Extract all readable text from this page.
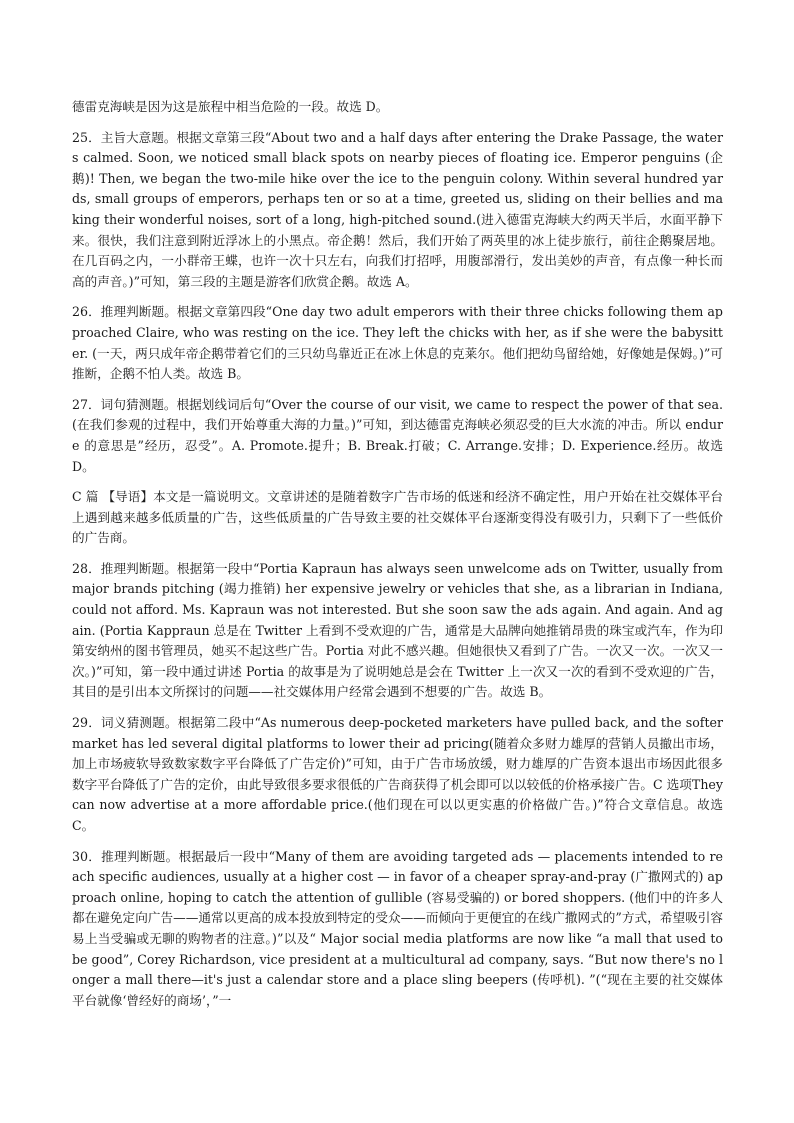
德雷克海峡是因为这是旅程中相当危险的一段。故选 D。

25．主旨大意题。根据文章第三段“About two and a half days after entering the Drake Passage, the waters calmed. Soon, we noticed small black spots on nearby pieces of floating ice. Emperor penguins (企鹅)! Then, we began the two-mile hike over the ice to the penguin colony. Within several hundred yards, small groups of emperors, perhaps ten or so at a time, greeted us, sliding on their bellies and making their wonderful noises, sort of a long, high-pitched sound.(进入德雷克海峡大约两天半后，水面平静下来。很快，我们注意到附近浮冰上的小黑点。帝企鹅！然后，我们开始了两英里的冰上徒步旅行，前往企鹅聚居地。在几百码之内，一小群帝王蝶，也许一次十只左右，向我们打招呼，用腹部滑行，发出美妙的声音，有点像一种长而高的声音。)”可知，第三段的主题是游客们欣赏企鹅。故选 A。

26．推理判断题。根据文章第四段“One day two adult emperors with their three chicks following them approached Claire, who was resting on the ice. They left the chicks with her, as if she were the babysitter. (一天，两只成年帝企鹅带着它们的三只幼鸟靠近正在冰上休息的克莱尔。他们把幼鸟留给她，好像她是保姆。)”可推断，企鹅不怕人类。故选 B。

27．词句猜测题。根据划线词后句“Over the course of our visit, we came to respect the power of that sea. (在我们参观的过程中，我们开始尊重大海的力量。)”可知，到达德雷克海峡必须忍受的巨大水流的冲击。所以 endure 的意思是”经历，忍受”。A. Promote.提升；B. Break.打破；C. Arrange.安排；D. Experience.经历。故选 D。

C 篇 【导语】本文是一篇说明文。文章讲述的是随着数字广告市场的低迷和经济不确定性，用户开始在社交媒体平台上遇到越来越多低质量的广告，这些低质量的广告导致主要的社交媒体平台逐渐变得没有吸引力，只剩下了一些低价的广告商。

28．推理判断题。根据第一段中“Portia Kapraun has always seen unwelcome ads on Twitter, usually from major brands pitching (竭力推销) her expensive jewelry or vehicles that she, as a librarian in Indiana, could not afford. Ms. Kapraun was not interested. But she soon saw the ads again. And again. And again. (Portia Kappraun 总是在 Twitter 上看到不受欢迎的广告，通常是大品牌向她推销昂贵的珠宝或汽车，作为印第安纳州的图书管理员，她买不起这些广告。Portia 对此不感兴趣。但她很快又看到了广告。一次又一次。一次又一次。)”可知，第一段中通过讲述 Portia 的故事是为了说明她总是会在 Twitter 上一次又一次的看到不受欢迎的广告，其目的是引出本文所探讨的问题——社交媒体用户经常会遇到不想要的广告。故选 B。

29．词义猜测题。根据第二段中“As numerous deep-pocketed marketers have pulled back, and the softer market has led several digital platforms to lower their ad pricing(随着众多财力雄厚的营销人员撤出市场，加上市场疲软导致数家数字平台降低了广告定价)”可知，由于广告市场放缓，财力雄厚的广告资本退出市场因此很多数字平台降低了广告的定价，由此导致很多要求很低的广告商获得了机会即可以以较低的价格承接广告。C 选项They can now advertise at a more affordable price.(他们现在可以以更实惠的价格做广告。)”符合文章信息。故选 C。

30．推理判断题。根据最后一段中“Many of them are avoiding targeted ads — placements intended to reach specific audiences, usually at a higher cost — in favor of a cheaper spray-and-pray (广撒网式的) approach online, hoping to catch the attention of gullible (容易受骗的) or bored shoppers. (他们中的许多人都在避免定向广告——通常以更高的成本投放到特定的受众——而倾向于更便宜的在线广撒网式的”方式，希望吸引容易上当受骗或无聊的购物者的注意。)”以及“ Major social media platforms are now like “a mall that used to be good”, Corey Richardson, vice president at a multicultural ad company, says. “But now there's no longer a mall there—it's just a calendar store and a place sling beepers (传呼机). ”(“现在主要的社交媒体平台就像‘曾经好的商场’，”一
